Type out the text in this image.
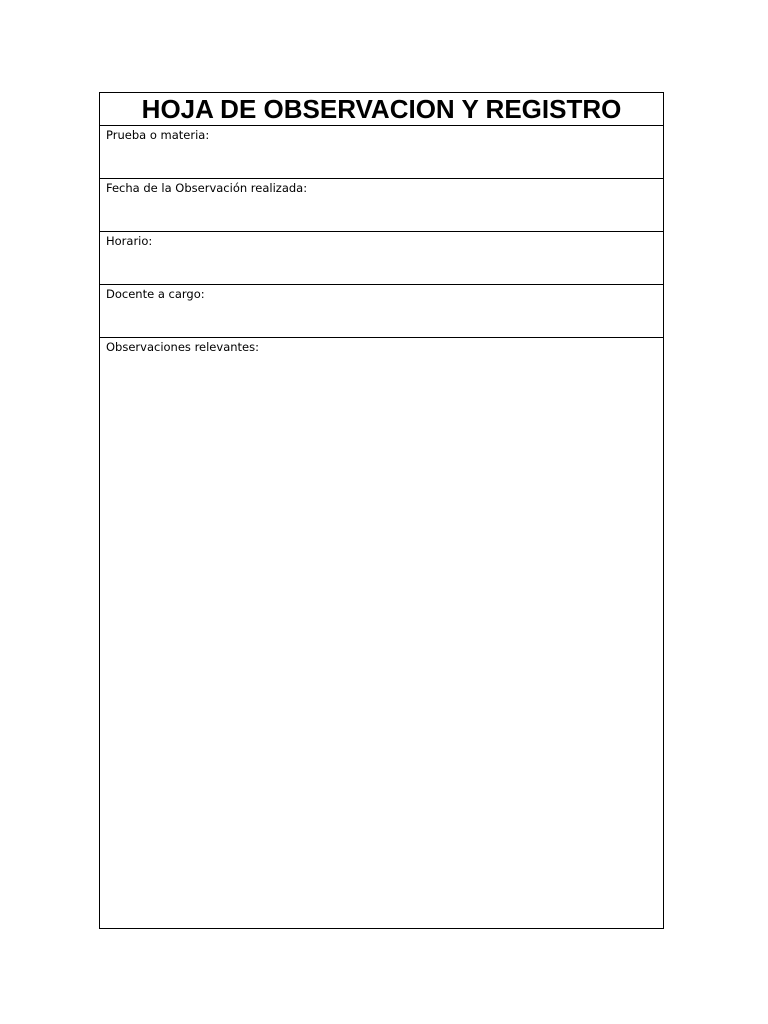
HOJA DE OBSERVACION Y REGISTRO

Prueba o materia:

Fecha de la Observación realizada:

Horario:

Docente a cargo:

Observaciones relevantes:
